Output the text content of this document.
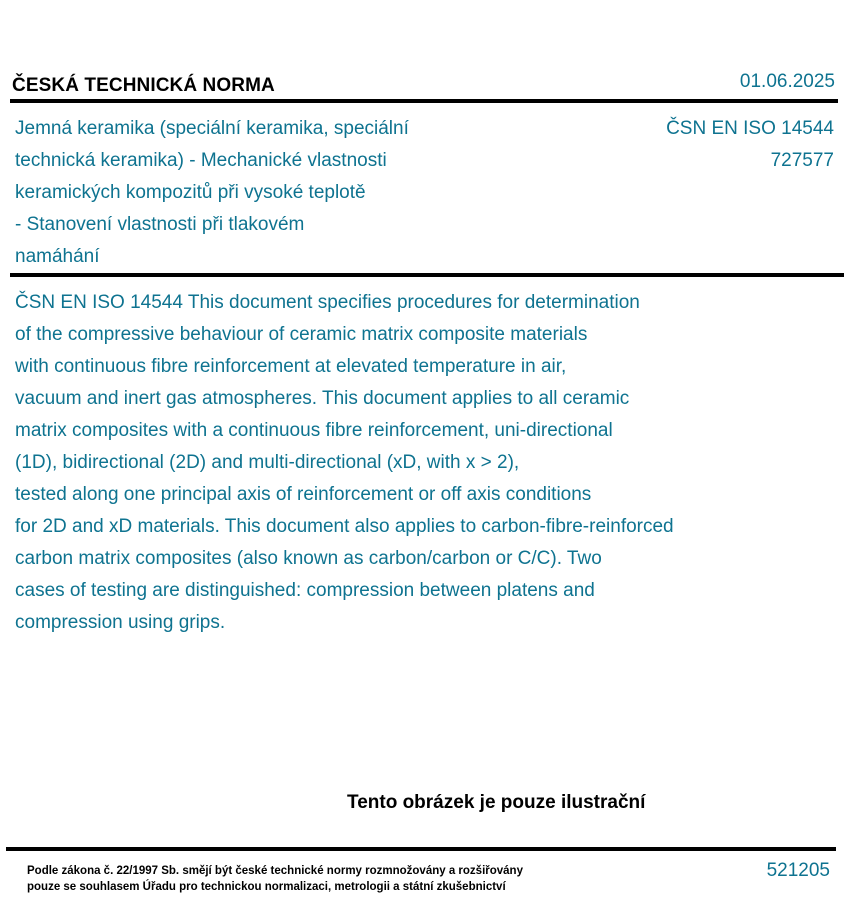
ČESKÁ TECHNICKÁ NORMA	01.06.2025
Jemná keramika (speciální keramika, speciální
technická keramika) - Mechanické vlastnosti
keramických kompozitů při vysoké teplotě
- Stanovení vlastnosti při tlakovém
namáhání
ČSN EN ISO 14544
727577
ČSN EN ISO 14544 This document specifies procedures for determination
of the compressive behaviour of ceramic matrix composite materials
with continuous fibre reinforcement at elevated temperature in air,
vacuum and inert gas atmospheres. This document applies to all ceramic
matrix composites with a continuous fibre reinforcement, uni-directional
(1D), bidirectional (2D) and multi-directional (xD, with x > 2),
tested along one principal axis of reinforcement or off axis conditions
for 2D and xD materials. This document also applies to carbon-fibre-reinforced
carbon matrix composites (also known as carbon/carbon or C/C). Two
cases of testing are distinguished: compression between platens and
compression using grips.
Tento obrázek je pouze ilustrační
Podle zákona č. 22/1997 Sb. smějí být české technické normy rozmnožovány a rozšiřovány
pouze se souhlasem Úřadu pro technickou normalizaci, metrologii a státní zkušebnictví
521205
